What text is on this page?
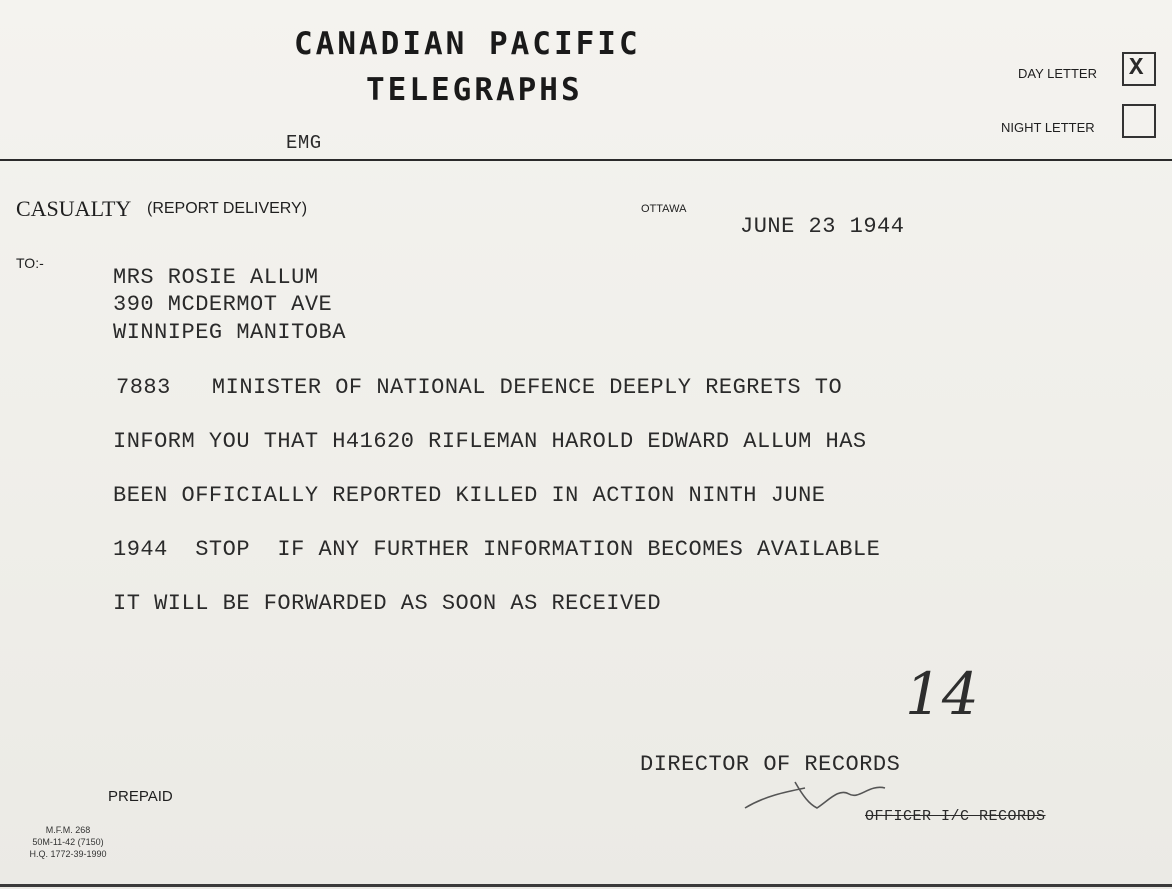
CANADIAN PACIFIC
TELEGRAPHS
EMG
DAY LETTER X
NIGHT LETTER
CASUALTY (REPORT DELIVERY)	OTTAWA
JUNE 23 1944
TO:-
MRS ROSIE ALLUM
390 MCDERMOT AVE
WINNIPEG MANITOBA
7883   MINISTER OF NATIONAL DEFENCE DEEPLY REGRETS TO
INFORM YOU THAT H41620 RIFLEMAN HAROLD EDWARD ALLUM HAS
BEEN OFFICIALLY REPORTED KILLED IN ACTION NINTH JUNE
1944  STOP  IF ANY FURTHER INFORMATION BECOMES AVAILABLE
IT WILL BE FORWARDED AS SOON AS RECEIVED
14
DIRECTOR OF RECORDS
OFFICER I/C RECORDS
PREPAID
M.F.M. 268
50M-11-42 (7150)
H.Q. 1772-39-1990
